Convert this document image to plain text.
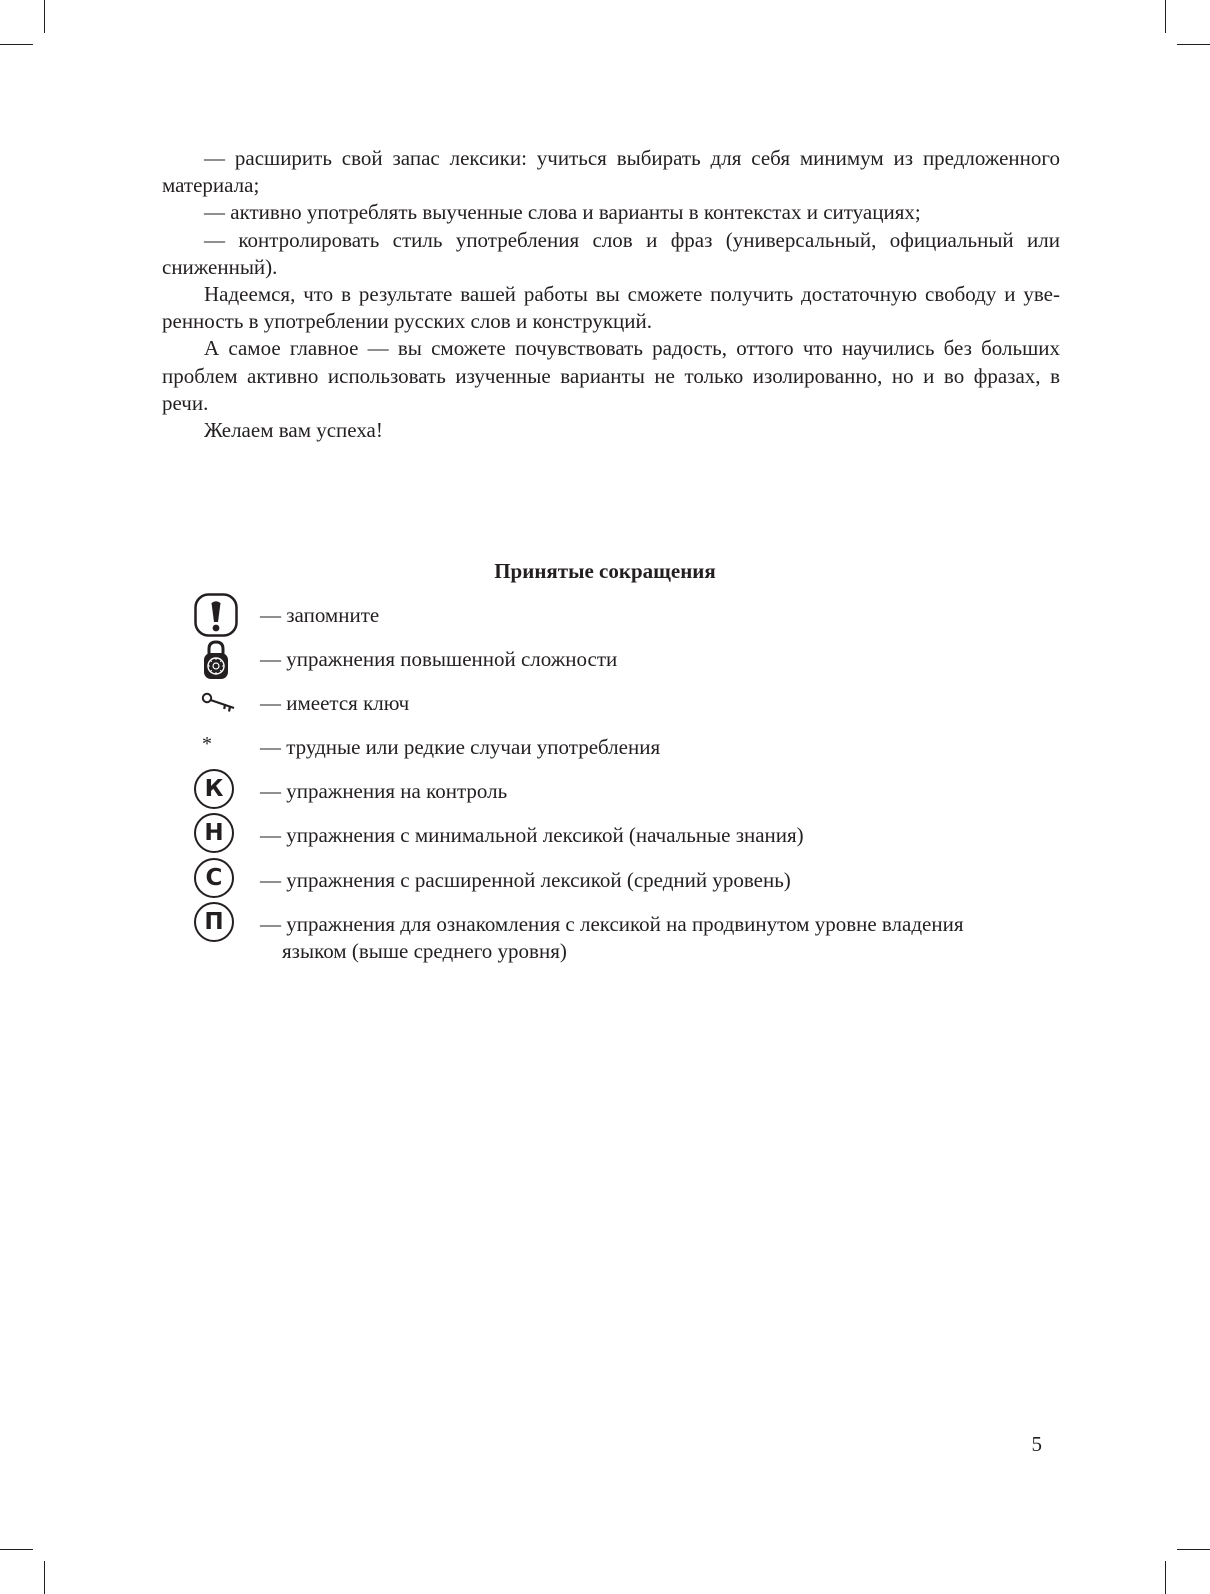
— расширить свой запас лексики: учиться выбирать для себя минимум из предложенного материала;

— активно употреблять выученные слова и варианты в контекстах и ситуациях;

— контролировать стиль употребления слов и фраз (универсальный, официальный или сниженный).

Надеемся, что в результате вашей работы вы сможете получить достаточную свободу и уверенность в употреблении русских слов и конструкций.

А самое главное — вы сможете почувствовать радость, оттого что научились без больших проблем активно использовать изученные варианты не только изолированно, но и во фразах, в речи.

Желаем вам успеха!

Принятые сокращения
— запомните
— упражнения повышенной сложности
— имеется ключ
* — трудные или редкие случаи употребления
К	— упражнения на контроль
Н	— упражнения с минимальной лексикой (начальные знания)
С	— упражнения с расширенной лексикой (средний уровень)
П	— упражнения для ознакомления с лексикой на продвинутом уровне владения
языком (выше среднего уровня)
5
